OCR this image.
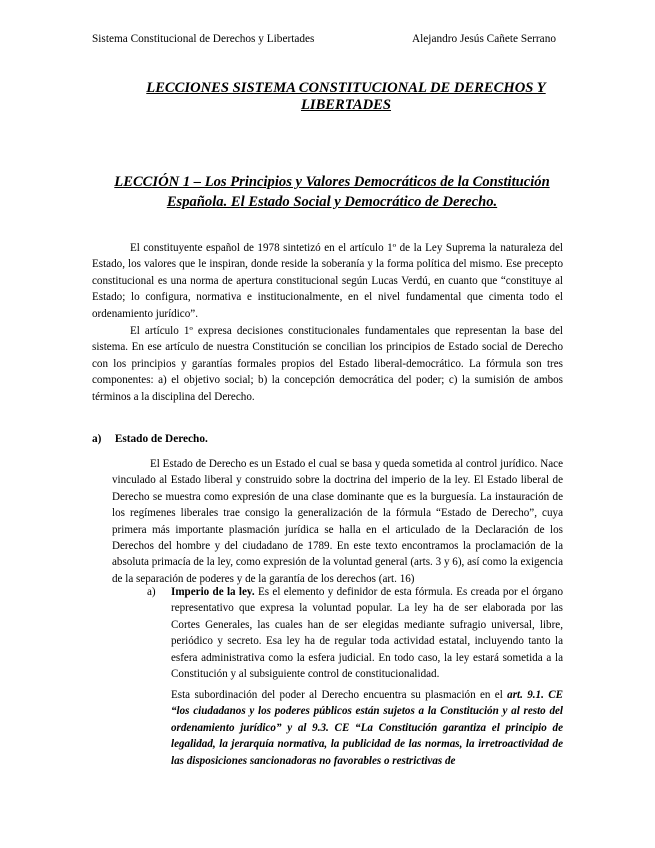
Sistema Constitucional de Derechos y Libertades	Alejandro Jesús Cañete Serrano
LECCIONES SISTEMA CONSTITUCIONAL DE DERECHOS Y LIBERTADES
LECCIÓN 1 – Los Principios y Valores Democráticos de la Constitución Española. El Estado Social y Democrático de Derecho.

El constituyente español de 1978 sintetizó en el artículo 1º de la Ley Suprema la naturaleza del Estado, los valores que le inspiran, donde reside la soberanía y la forma política del mismo. Ese precepto constitucional es una norma de apertura constitucional según Lucas Verdú, en cuanto que “constituye al Estado; lo configura, normativa e institucionalmente, en el nivel fundamental que cimenta todo el ordenamiento jurídico”.

El artículo 1º expresa decisiones constitucionales fundamentales que representan la base del sistema. En ese artículo de nuestra Constitución se concilian los principios de Estado social de Derecho con los principios y garantías formales propios del Estado liberal-democrático. La fórmula son tres componentes: a) el objetivo social; b) la concepción democrática del poder; c) la sumisión de ambos términos a la disciplina del Derecho.

a) Estado de Derecho.

El Estado de Derecho es un Estado el cual se basa y queda sometida al control jurídico. Nace vinculado al Estado liberal y construido sobre la doctrina del imperio de la ley. El Estado liberal de Derecho se muestra como expresión de una clase dominante que es la burguesía. La instauración de los regímenes liberales trae consigo la generalización de la fórmula “Estado de Derecho”, cuya primera más importante plasmación jurídica se halla en el articulado de la Declaración de los Derechos del hombre y del ciudadano de 1789. En este texto encontramos la proclamación de la absoluta primacía de la ley, como expresión de la voluntad general (arts. 3 y 6), así como la exigencia de la separación de poderes y de la garantía de los derechos (art. 16)

a) Imperio de la ley. Es el elemento y definidor de esta fórmula. Es creada por el órgano representativo que expresa la voluntad popular. La ley ha de ser elaborada por las Cortes Generales, las cuales han de ser elegidas mediante sufragio universal, libre, periódico y secreto. Esa ley ha de regular toda actividad estatal, incluyendo tanto la esfera administrativa como la esfera judicial. En todo caso, la ley estará sometida a la Constitución y al subsiguiente control de constitucionalidad.

Esta subordinación del poder al Derecho encuentra su plasmación en el art. 9.1. CE “los ciudadanos y los poderes públicos están sujetos a la Constitución y al resto del ordenamiento jurídico” y al 9.3. CE “La Constitución garantiza el principio de legalidad, la jerarquía normativa, la publicidad de las normas, la irretroactividad de las disposiciones sancionadoras no favorables o restrictivas de
